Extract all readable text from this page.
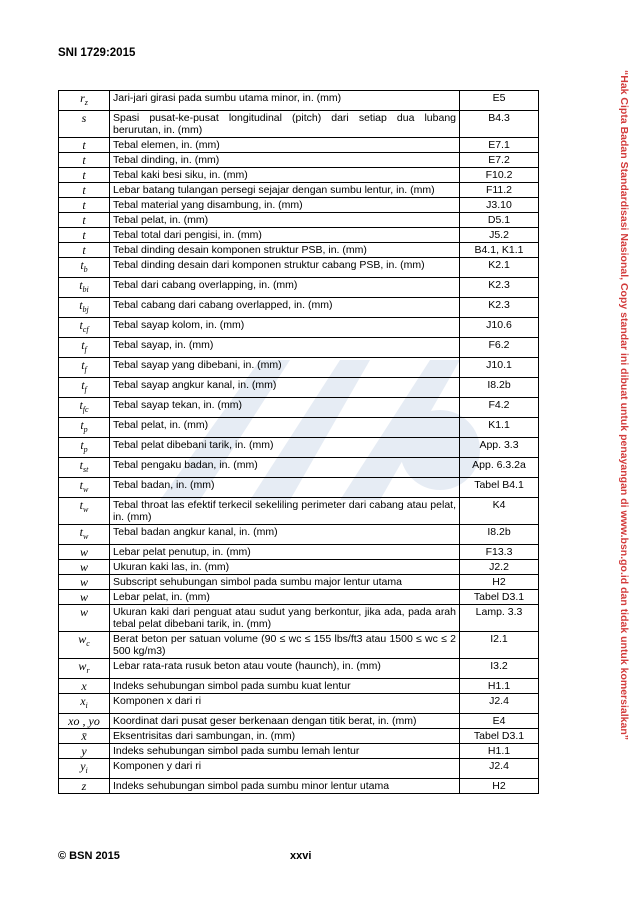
SNI 1729:2015
$r_z$	Jari-jari girasi pada sumbu utama minor, in. (mm)	E5
s	Spasi pusat-ke-pusat longitudinal (pitch) dari setiap dua lubang berurutan, in. (mm)	B4.3
t	Tebal elemen, in. (mm)	E7.1
t	Tebal dinding, in. (mm)	E7.2
t	Tebal kaki besi siku, in. (mm)	F10.2
t	Lebar batang tulangan persegi sejajar dengan sumbu lentur, in. (mm)	F11.2
t	Tebal material yang disambung, in. (mm)	J3.10
t	Tebal pelat, in. (mm)	D5.1
t	Tebal total dari pengisi, in. (mm)	J5.2
t	Tebal dinding desain komponen struktur PSB, in. (mm)	B4.1, K1.1
$t_b$	Tebal dinding desain dari komponen struktur cabang PSB, in. (mm)	K2.1
$t_{bi}$	Tebal dari cabang overlapping, in. (mm)	K2.3
$t_{bj}$	Tebal cabang dari cabang overlapped, in. (mm)	K2.3
$t_{cf}$	Tebal sayap kolom, in. (mm)	J10.6
$t_f$	Tebal sayap, in. (mm)	F6.2
$t_f$	Tebal sayap yang dibebani, in. (mm)	J10.1
$t_f$	Tebal sayap angkur kanal, in. (mm)	I8.2b
$t_{fc}$	Tebal sayap tekan, in. (mm)	F4.2
$t_p$	Tebal pelat, in. (mm)	K1.1
$t_p$	Tebal pelat dibebani tarik, in. (mm)	App. 3.3
$t_{st}$	Tebal pengaku badan, in. (mm)	App. 6.3.2a
$t_w$	Tebal badan, in. (mm)	Tabel B4.1
$t_w$	Tebal throat las efektif terkecil sekeliling perimeter dari cabang atau pelat, in. (mm)	K4
$t_w$	Tebal badan angkur kanal, in. (mm)	I8.2b
w	Lebar pelat penutup, in. (mm)	F13.3
w	Ukuran kaki las, in. (mm)	J2.2
w	Subscript sehubungan simbol pada sumbu major lentur utama	H2
w	Lebar pelat, in. (mm)	Tabel D3.1
w	Ukuran kaki dari penguat atau sudut yang berkontur, jika ada, pada arah tebal pelat dibebani tarik, in. (mm)	Lamp. 3.3
$w_c$	Berat beton per satuan volume (90 ≤ wc ≤ 155 lbs/ft3 atau 1500 ≤ wc ≤ 2 500 kg/m3)	I2.1
$w_r$	Lebar rata-rata rusuk beton atau voute (haunch), in. (mm)	I3.2
x	Indeks sehubungan simbol pada sumbu kuat lentur	H1.1
$x_i$	Komponen x dari ri	J2.4
xo , yo	Koordinat dari pusat geser berkenaan dengan titik berat, in. (mm)	E4
x̄	Eksentrisitas dari sambungan, in. (mm)	Tabel D3.1
y	Indeks sehubungan simbol pada sumbu lemah lentur	H1.1
$y_i$	Komponen y dari ri	J2.4
z	Indeks sehubungan simbol pada sumbu minor lentur utama	H2
“Hak Cipta Badan Standardisasi Nasional, Copy standar ini dibuat untuk penayangan di www.bsn.go.id dan tidak untuk komersialkan”
© BSN 2015	xxvi
